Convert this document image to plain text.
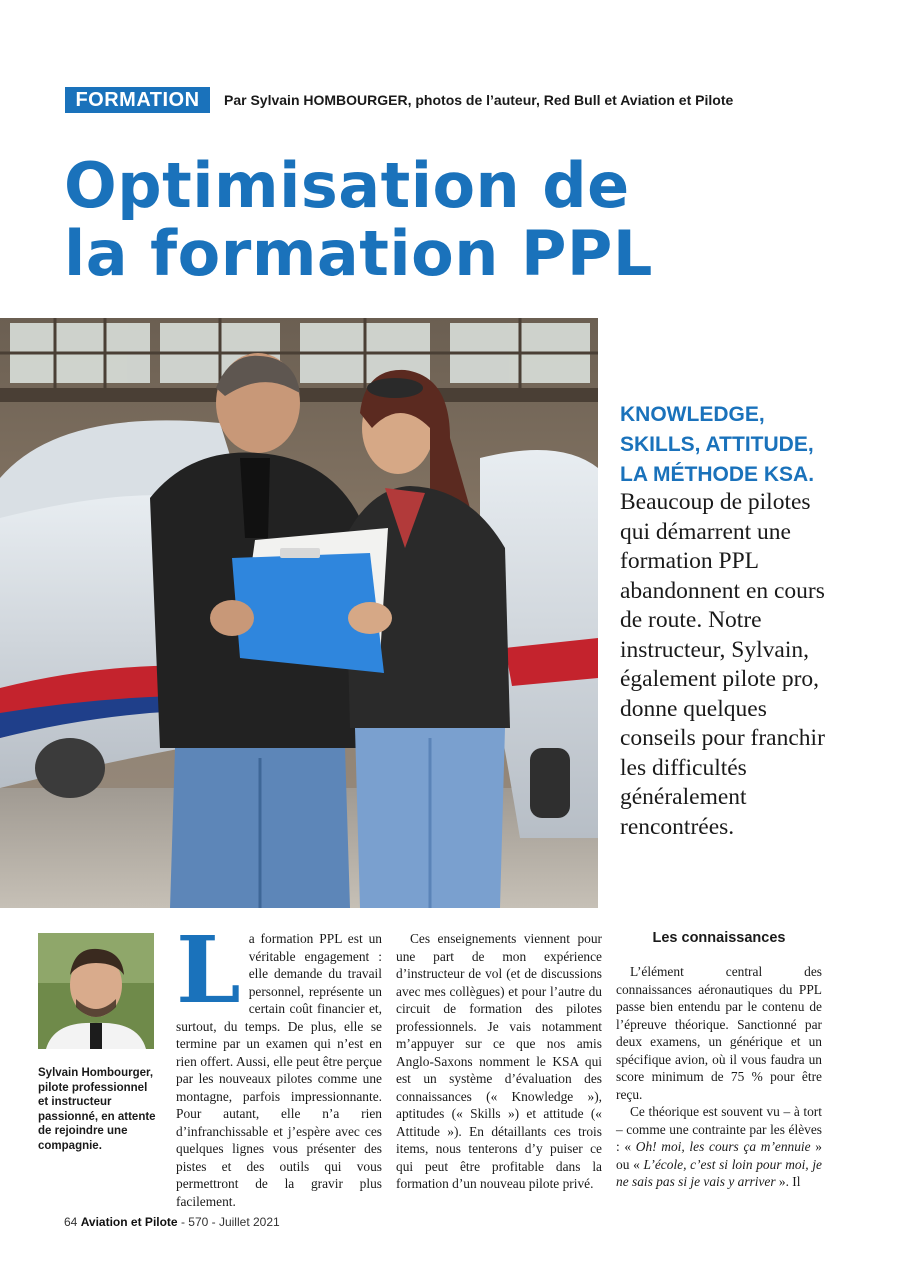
FORMATION	Par Sylvain HOMBOURGER, photos de l’auteur, Red Bull et Aviation et Pilote
Optimisation de
la formation PPL
KNOWLEDGE, SKILLS, ATTITUDE, LA MÉTHODE KSA.
Beaucoup de pilotes qui démarrent une formation PPL abandonnent en cours de route. Notre instructeur, Sylvain, également pilote pro, donne quelques conseils pour franchir les difficultés généralement rencontrées.
Sylvain Hombourger, pilote professionnel et instructeur passionné, en attente de rejoindre une compagnie.
L a formation PPL est un véritable engagement : elle demande du travail personnel, représente un certain coût financier et, surtout, du temps. De plus, elle se termine par un examen qui n’est en rien offert. Aussi, elle peut être perçue par les nouveaux pilotes comme une montagne, parfois impressionnante. Pour autant, elle n’a rien d’infranchissable et j’espère avec ces quelques lignes vous présenter des pistes et des outils qui vous permettront de la gravir plus facilement.

Ces enseignements viennent pour une part de mon expérience d’instructeur de vol (et de discussions avec mes collègues) et pour l’autre du circuit de formation des pilotes professionnels. Je vais notamment m’appuyer sur ce que nos amis Anglo-Saxons nomment le KSA qui est un système d’évaluation des connaissances (« Knowledge »), aptitudes (« Skills ») et attitude (« Attitude »). En détaillants ces trois items, nous tenterons d’y puiser ce qui peut être profitable dans la formation d’un nouveau pilote privé.

Les connaissances

L’élément central des connaissances aéronautiques du PPL passe bien entendu par le contenu de l’épreuve théorique. Sanctionné par deux examens, un générique et un spécifique avion, où il vous faudra un score minimum de 75 % pour être reçu.

Ce théorique est souvent vu – à tort – comme une contrainte par les élèves : « Oh! moi, les cours ça m’ennuie » ou « L’école, c’est si loin pour moi, je ne sais pas si je vais y arriver ». Il

64 Aviation et Pilote - 570 - Juillet 2021
